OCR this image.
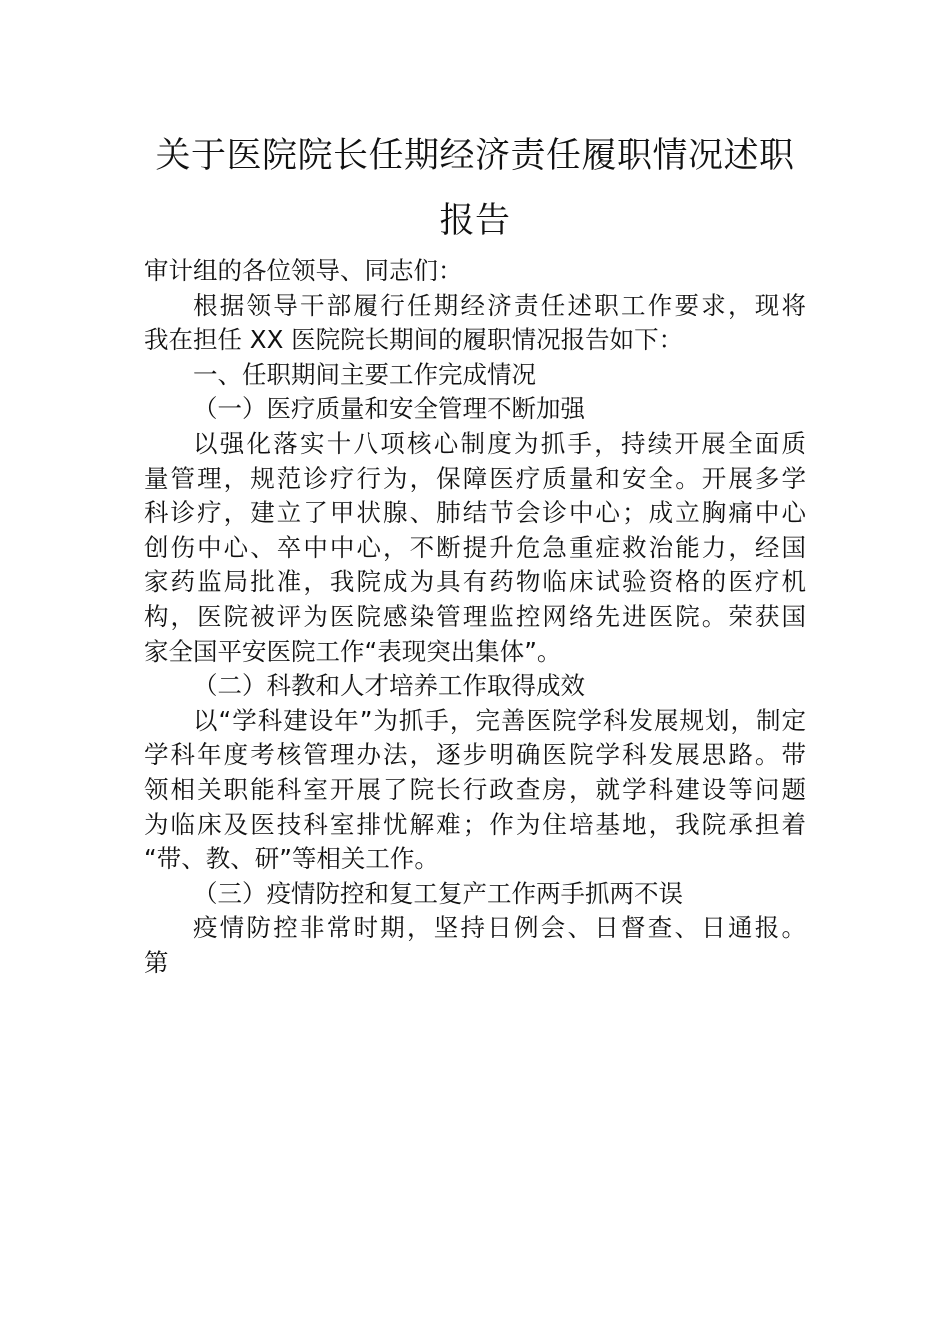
关于医院院长任期经济责任履职情况述职
报告
审计组的各位领导、同志们：
根据领导干部履行任期经济责任述职工作要求，现将
我在担任 XX 医院院长期间的履职情况报告如下：
一、任职期间主要工作完成情况
（一）医疗质量和安全管理不断加强
以强化落实十八项核心制度为抓手，持续开展全面质
量管理，规范诊疗行为，保障医疗质量和安全。开展多学
科诊疗，建立了甲状腺、肺结节会诊中心；成立胸痛中心
创伤中心、卒中中心，不断提升危急重症救治能力，经国
家药监局批准，我院成为具有药物临床试验资格的医疗机
构，医院被评为医院感染管理监控网络先进医院。荣获国
家全国平安医院工作“表现突出集体”。
（二）科教和人才培养工作取得成效
以“学科建设年”为抓手，完善医院学科发展规划，制定
学科年度考核管理办法，逐步明确医院学科发展思路。带
领相关职能科室开展了院长行政查房，就学科建设等问题
为临床及医技科室排忧解难；作为住培基地，我院承担着
“带、教、研”等相关工作。
（三）疫情防控和复工复产工作两手抓两不误
疫情防控非常时期，坚持日例会、日督查、日通报。
第
